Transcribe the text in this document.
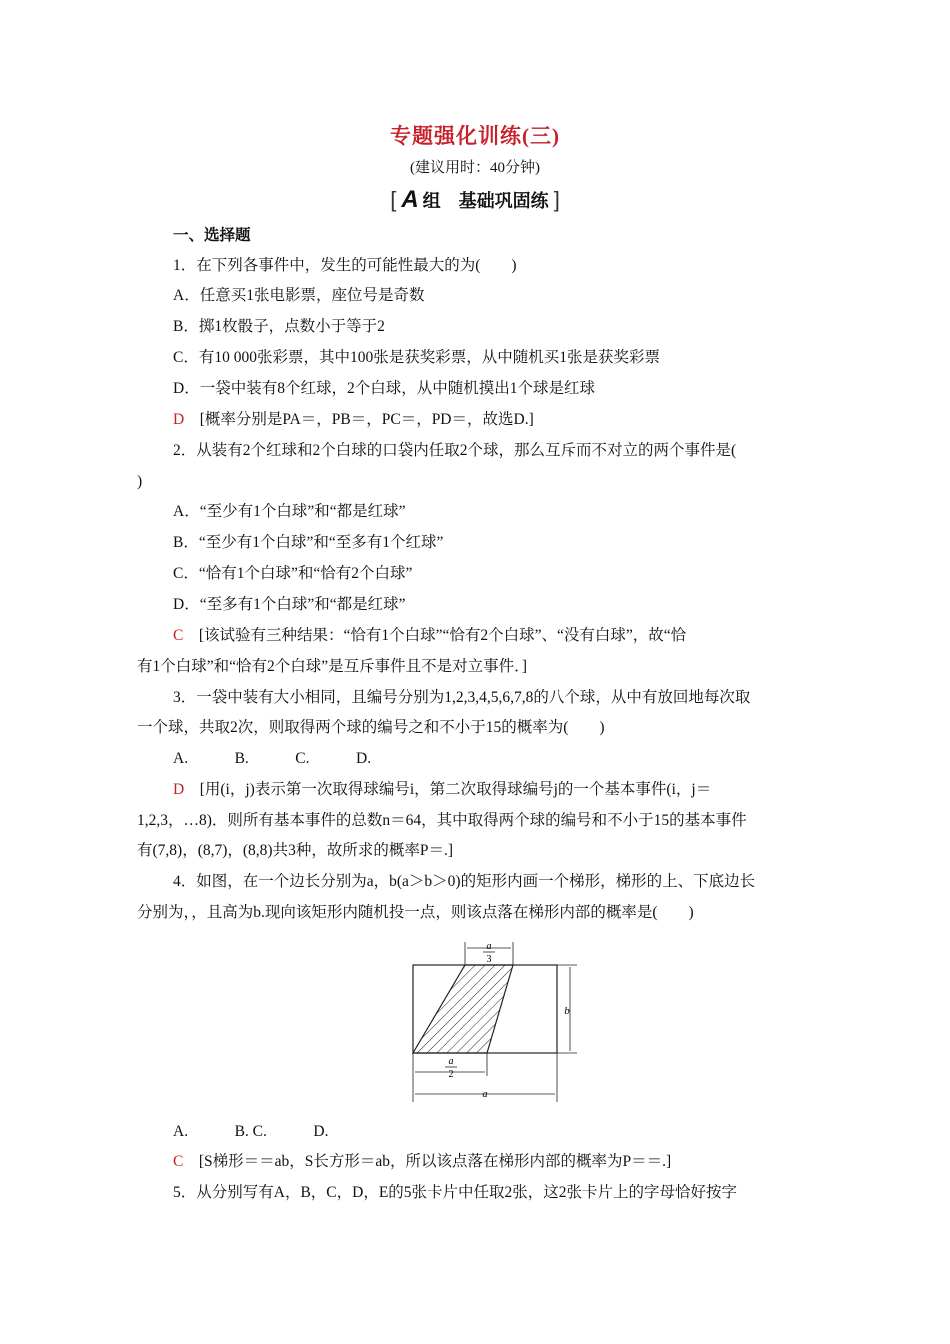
专题强化训练(三)
(建议用时：40分钟)
[ A 组　基础巩固练 ]
一、选择题
1．在下列各事件中，发生的可能性最大的为(　　)
A．任意买1张电影票，座位号是奇数
B．掷1枚骰子，点数小于等于2
C．有10 000张彩票，其中100张是获奖彩票，从中随机买1张是获奖彩票
D．一袋中装有8个红球，2个白球，从中随机摸出1个球是红球
D　 [概率分别是PA＝，PB＝，PC＝，PD＝，故选D.]
2．从装有2个红球和2个白球的口袋内任取2个球，那么互斥而不对立的两个事件是(
)
A．“至少有1个白球”和“都是红球”
B．“至少有1个白球”和“至多有1个红球”
C．“恰有1个白球”和“恰有2个白球”
D．“至多有1个白球”和“都是红球”
C　 [该试验有三种结果：“恰有1个白球”“恰有2个白球”、“没有白球”，故“恰
有1个白球”和“恰有2个白球”是互斥事件且不是对立事件．]
3．一袋中装有大小相同，且编号分别为1,2,3,4,5,6,7,8的八个球，从中有放回地每次取
一个球，共取2次，则取得两个球的编号之和不小于15的概率为(　　)
A.　　　B.　　　C.　　　D.
D　 [用(i，j)表示第一次取得球编号i，第二次取得球编号j的一个基本事件(i，j＝
1,2,3，…8)．则所有基本事件的总数n＝64，其中取得两个球的编号和不小于15的基本事件
有(7,8)，(8,7)，(8,8)共3种，故所求的概率P＝.]
4．如图，在一个边长分别为a，b(a＞b＞0)的矩形内画一个梯形，梯形的上、下底边长
分别为，，且高为b.现向该矩形内随机投一点，则该点落在梯形内部的概率是(　　)
a
3
b
a
2
a
A.　　　B. C.　　　D.
C　 [S梯形＝＝ab，S长方形＝ab，所以该点落在梯形内部的概率为P＝＝.]
5．从分别写有A，B，C，D，E的5张卡片中任取2张，这2张卡片上的字母恰好按字
